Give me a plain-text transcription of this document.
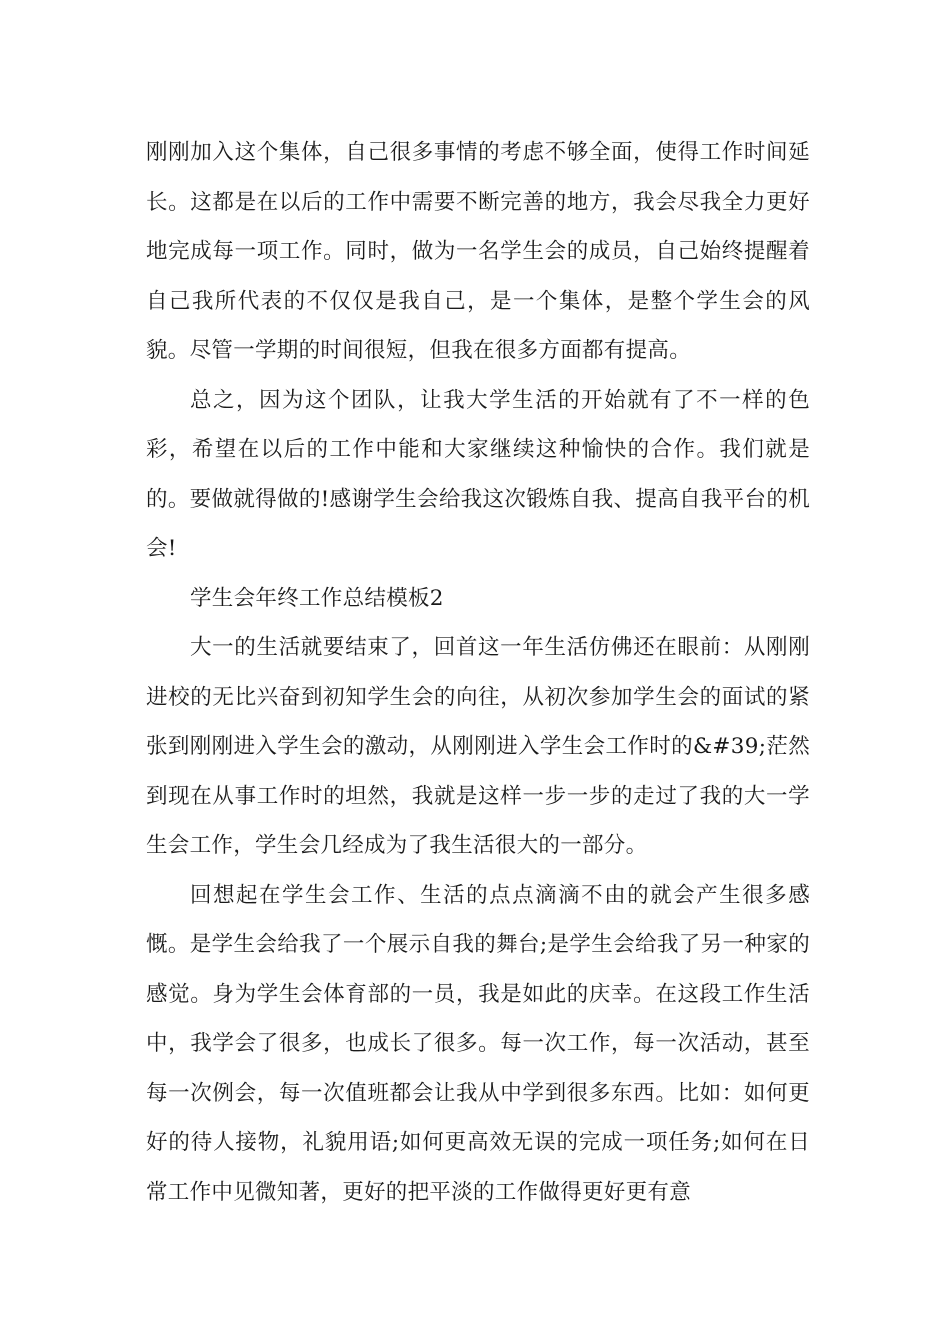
刚刚加入这个集体，自己很多事情的考虑不够全面，使得工作时间延长。这都是在以后的工作中需要不断完善的地方，我会尽我全力更好地完成每一项工作。同时，做为一名学生会的成员，自己始终提醒着自己我所代表的不仅仅是我自己，是一个集体，是整个学生会的风貌。尽管一学期的时间很短，但我在很多方面都有提高。

总之，因为这个团队，让我大学生活的开始就有了不一样的色彩，希望在以后的工作中能和大家继续这种愉快的合作。我们就是的。要做就得做的!感谢学生会给我这次锻炼自我、提高自我平台的机会!

学生会年终工作总结模板2

大一的生活就要结束了，回首这一年生活仿佛还在眼前：从刚刚进校的无比兴奋到初知学生会的向往，从初次参加学生会的面试的紧张到刚刚进入学生会的激动，从刚刚进入学生会工作时的&#39;茫然到现在从事工作时的坦然，我就是这样一步一步的走过了我的大一学生会工作，学生会几经成为了我生活很大的一部分。

回想起在学生会工作、生活的点点滴滴不由的就会产生很多感慨。是学生会给我了一个展示自我的舞台;是学生会给我了另一种家的感觉。身为学生会体育部的一员，我是如此的庆幸。在这段工作生活中，我学会了很多，也成长了很多。每一次工作，每一次活动，甚至每一次例会，每一次值班都会让我从中学到很多东西。比如：如何更好的待人接物，礼貌用语;如何更高效无误的完成一项任务;如何在日常工作中见微知著，更好的把平淡的工作做得更好更有意
